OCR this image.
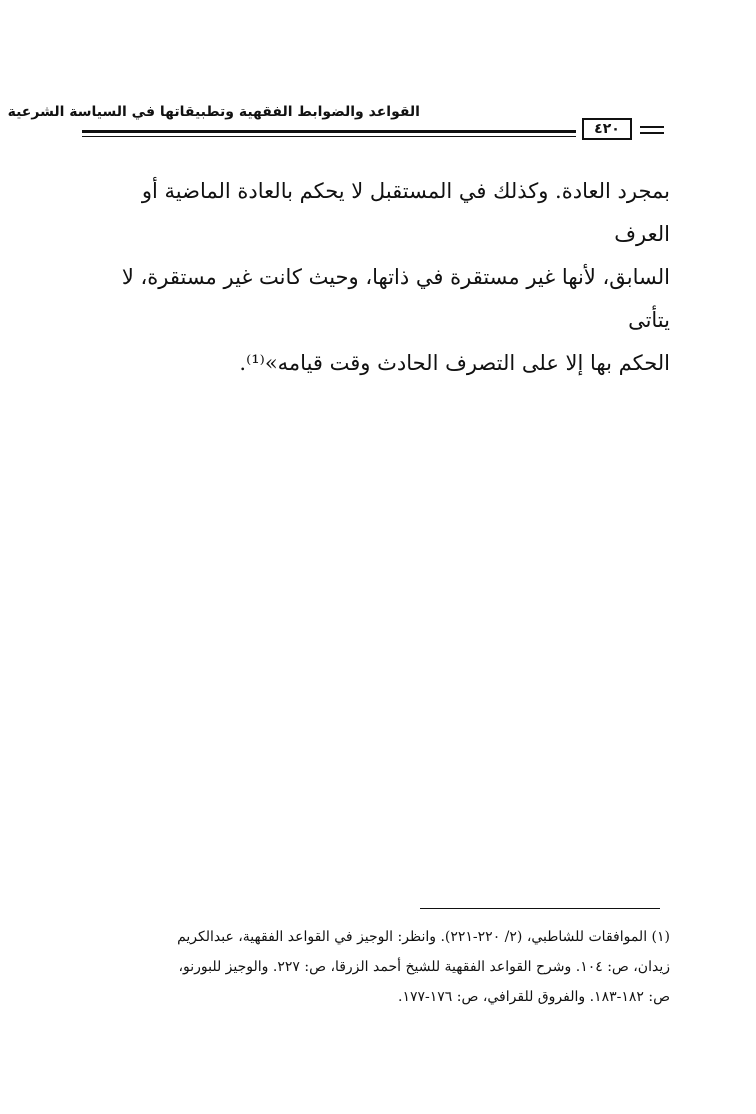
القواعد والضوابط الفقهية وتطبيقاتها في السياسة الشرعية
٤٢٠

بمجرد العادة. وكذلك في المستقبل لا يحكم بالعادة الماضية أو العرف

السابق، لأنها غير مستقرة في ذاتها، وحيث كانت غير مستقرة، لا يتأتى

الحكم بها إلا على التصرف الحادث وقت قيامه»⁽¹⁾.

(١) الموافقات للشاطبي، (٢/ ٢٢٠-٢٢١). وانظر: الوجيز في القواعد الفقهية، عبدالكريم

زيدان، ص: ١٠٤. وشرح القواعد الفقهية للشيخ أحمد الزرقا، ص: ٢٢٧. والوجيز للبورنو،

ص: ١٨٢-١٨٣. والفروق للقرافي، ص: ١٧٦-١٧٧.
